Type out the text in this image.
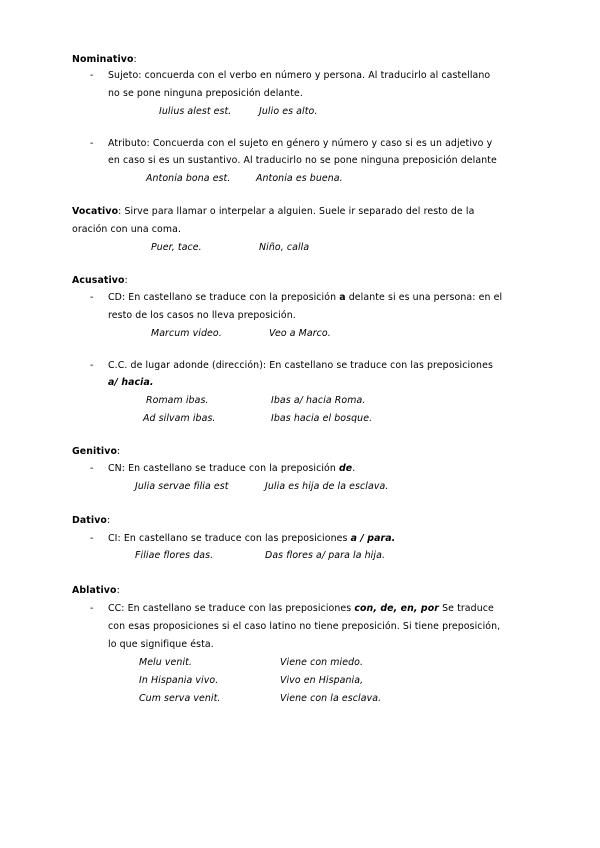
Nominativo:
- Sujeto: concuerda con el verbo en número y persona. Al traducirlo al castellano
no se pone ninguna preposición delante.
Iulius alest est.	Julio es alto.
- Atributo: Concuerda con el sujeto en género y número y caso si es un adjetivo y
en caso si es un sustantivo. Al traducirlo no se pone ninguna preposición delante
Antonia bona est.	Antonia es buena.
Vocativo: Sirve para llamar o interpelar a alguien. Suele ir separado del resto de la
oración con una coma.
Puer, tace.	Niño, calla
Acusativo:
- CD: En castellano se traduce con la preposición a delante si es una persona: en el
resto de los casos no lleva preposición.
Marcum video.	Veo a Marco.
- C.C. de lugar adonde (dirección): En castellano se traduce con las preposiciones
a/ hacia.
Romam ibas.	Ibas a/ hacia Roma.
Ad silvam ibas.	Ibas hacia el bosque.
Genitivo:
- CN: En castellano se traduce con la preposición de.
Julia servae filia est	Julia es hija de la esclava.
Dativo:
- CI: En castellano se traduce con las preposiciones a / para.
Filiae flores das.	Das flores a/ para la hija.
Ablativo:
- CC: En castellano se traduce con las preposiciones con, de, en, por Se traduce
con esas proposiciones si el caso latino no tiene preposición. Si tiene preposición,
lo que signifique ésta.
Melu venit.	Viene con miedo.
In Hispania vivo.	Vivo en Hispania,
Cum serva venit.	Viene con la esclava.
